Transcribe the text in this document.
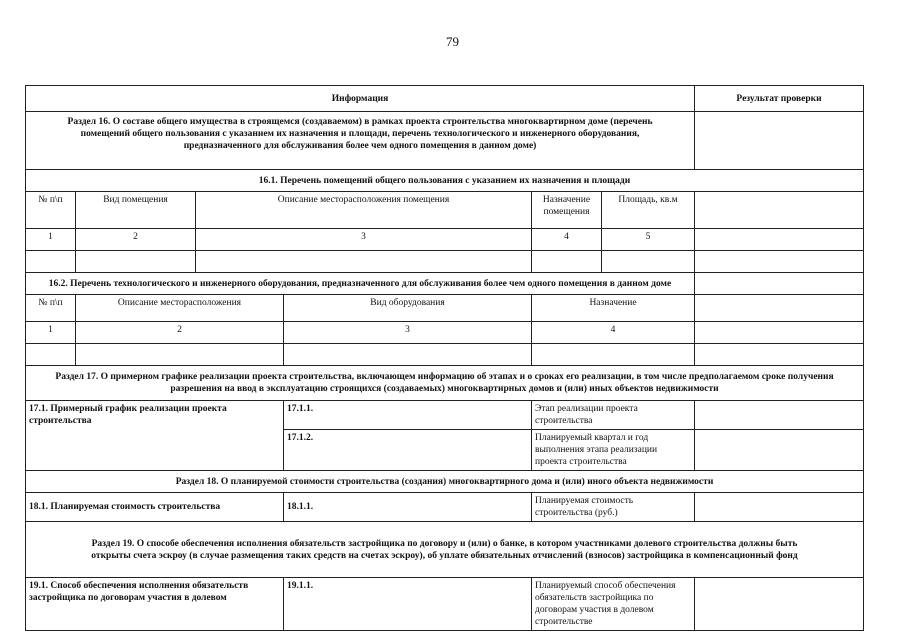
79
Информация						Результат проверки
Раздел 16. О составе общего имущества в строящемся (создаваемом) в рамках проекта строительства многоквартирном доме (перечень помещений общего пользования с указанием их назначения и площади, перечень технологического и инженерного оборудования, предназначенного для обслуживания более чем одного помещения в данном доме)						
16.1. Перечень помещений общего пользования с указанием их назначения и площади						
№ п\п	Вид помещения	Описание месторасположения помещения		Назначение помещения	Площадь, кв.м	
1	2	3		4	5	

16.2. Перечень технологического и инженерного оборудования, предназначенного для обслуживания более чем одного помещения в данном доме						
№ п\п	Описание месторасположения		Вид оборудования	Назначение		
1	2		3	4		

Раздел 17. О примерном графике реализации проекта строительства, включающем информацию об этапах и о сроках его реализации, в том числе предполагаемом сроке получения разрешения на ввод в эксплуатацию строящихся (создаваемых) многоквартирных домов и (или) иных объектов недвижимости						
17.1. Примерный график реализации проекта строительства			17.1.1.	Этап реализации проекта строительства		
			17.1.2.	Планируемый квартал и год выполнения этапа реализации проекта строительства		
Раздел 18. О планируемой стоимости строительства (создания) многоквартирного дома и (или) иного объекта недвижимости						
18.1. Планируемая стоимость строительства			18.1.1.	Планируемая стоимость строительства (руб.)		
Раздел 19. О способе обеспечения исполнения обязательств застройщика по договору и (или) о банке, в котором участниками долевого строительства должны быть открыты счета эскроу (в случае размещения таких средств на счетах эскроу), об уплате обязательных отчислений (взносов) застройщика в компенсационный фонд						
19.1. Способ обеспечения исполнения обязательств застройщика по договорам участия в долевом			19.1.1.	Планируемый способ обеспечения обязательств застройщика по договорам участия в долевом строительстве		
